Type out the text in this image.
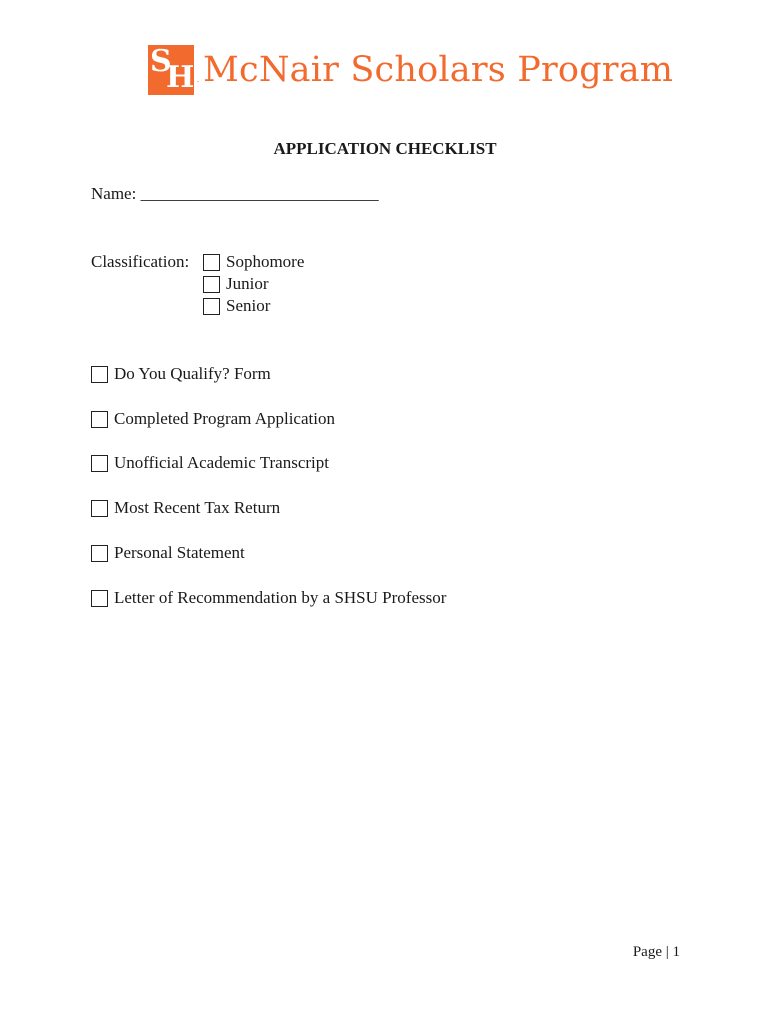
S
H . McNair Scholars Program
APPLICATION CHECKLIST
Name: ____________________________
Classification: Sophomore
Junior
Senior
Do You Qualify? Form
Completed Program Application
Unofficial Academic Transcript
Most Recent Tax Return
Personal Statement
Letter of Recommendation by a SHSU Professor
Page | 1
